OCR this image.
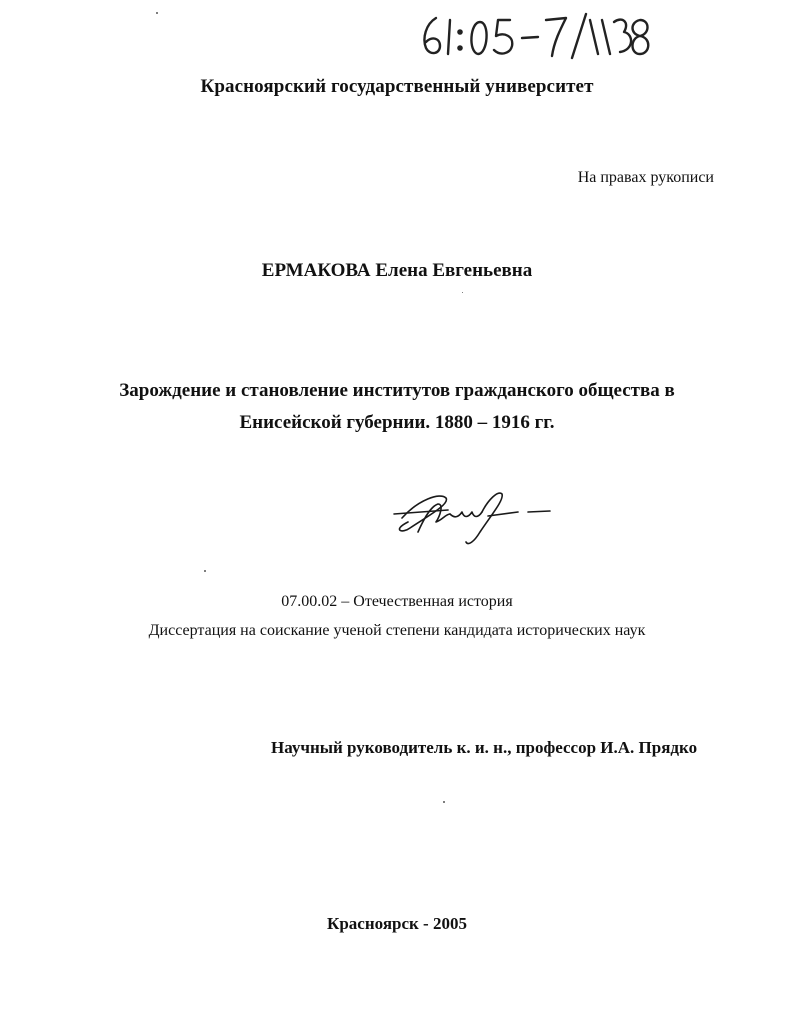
Красноярский государственный университет
На правах рукописи
ЕРМАКОВА Елена Евгеньевна
Зарождение и становление институтов гражданского общества в
Енисейской губернии. 1880 – 1916 гг.
07.00.02 – Отечественная история
Диссертация на соискание ученой степени кандидата исторических наук
Научный руководитель к. и. н., профессор И.А. Прядко
Красноярск - 2005
